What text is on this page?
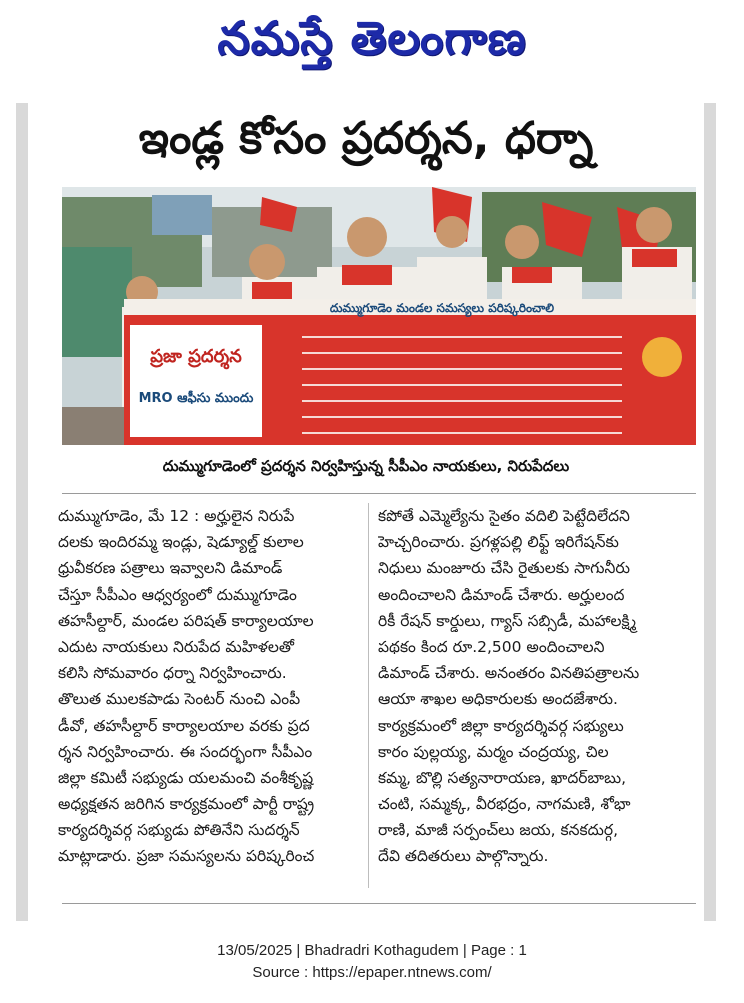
నమస్తే తెలంగాణ
ఇండ్ల కోసం ప్రదర్శన, ధర్నా
ప్రజా ప్రదర్శన
MRO ఆఫీసు ముందు
దుమ్ముగూడెం మండల సమస్యలు పరిష్కరించాలి
దుమ్ముగూడెంలో ప్రదర్శన నిర్వహిస్తున్న సీపీఎం నాయకులు, నిరుపేదలు
దుమ్ముగూడెం, మే 12 : అర్హులైన నిరుపే
దలకు ఇందిరమ్మ ఇండ్లు, షెడ్యూల్డ్ కులాల
ధ్రువీకరణ పత్రాలు ఇవ్వాలని డిమాండ్
చేస్తూ సీపీఎం ఆధ్వర్యంలో దుమ్ముగూడెం
తహసీల్దార్, మండల పరిషత్ కార్యాలయాల
ఎదుట నాయకులు నిరుపేద మహిళలతో
కలిసి సోమవారం ధర్నా నిర్వహించారు.
తొలుత ములకపాడు సెంటర్ నుంచి ఎంపీ
డీవో, తహసీల్దార్ కార్యాలయాల వరకు ప్రద
ర్శన నిర్వహించారు. ఈ సందర్భంగా సీపీఎం
జిల్లా కమిటీ సభ్యుడు యలమంచి వంశీకృష్ణ
అధ్యక్షతన జరిగిన కార్యక్రమంలో పార్టీ రాష్ట్ర
కార్యదర్శివర్గ సభ్యుడు పోతినేని సుదర్శన్
మాట్లాడారు. ప్రజా సమస్యలను పరిష్కరించ
కపోతే ఎమ్మెల్యేను సైతం వదిలి పెట్టేదిలేదని
హెచ్చరించారు. ప్రగళ్లపల్లి లిఫ్ట్ ఇరిగేషన్‌కు
నిధులు మంజూరు చేసి రైతులకు సాగునీరు
అందించాలని డిమాండ్ చేశారు. అర్హులంద
రికీ రేషన్ కార్డులు, గ్యాస్ సబ్సిడీ, మహాలక్ష్మి
పథకం కింద రూ.2,500 అందించాలని
డిమాండ్ చేశారు. అనంతరం వినతిపత్రాలను
ఆయా శాఖల అధికారులకు అందజేశారు.
కార్యక్రమంలో జిల్లా కార్యదర్శివర్గ సభ్యులు
కారం పుల్లయ్య, మర్మం చంద్రయ్య, చిల
కమ్మ, బొల్లి సత్యనారాయణ, ఖాదర్‌బాబు,
చంటి, సమ్మక్క, వీరభద్రం, నాగమణి, శోభా
రాణి, మాజీ సర్పంచ్‌లు జయ, కనకదుర్గ,
దేవి తదితరులు పాల్గొన్నారు.
13/05/2025 | Bhadradri Kothagudem | Page : 1
Source : https://epaper.ntnews.com/
